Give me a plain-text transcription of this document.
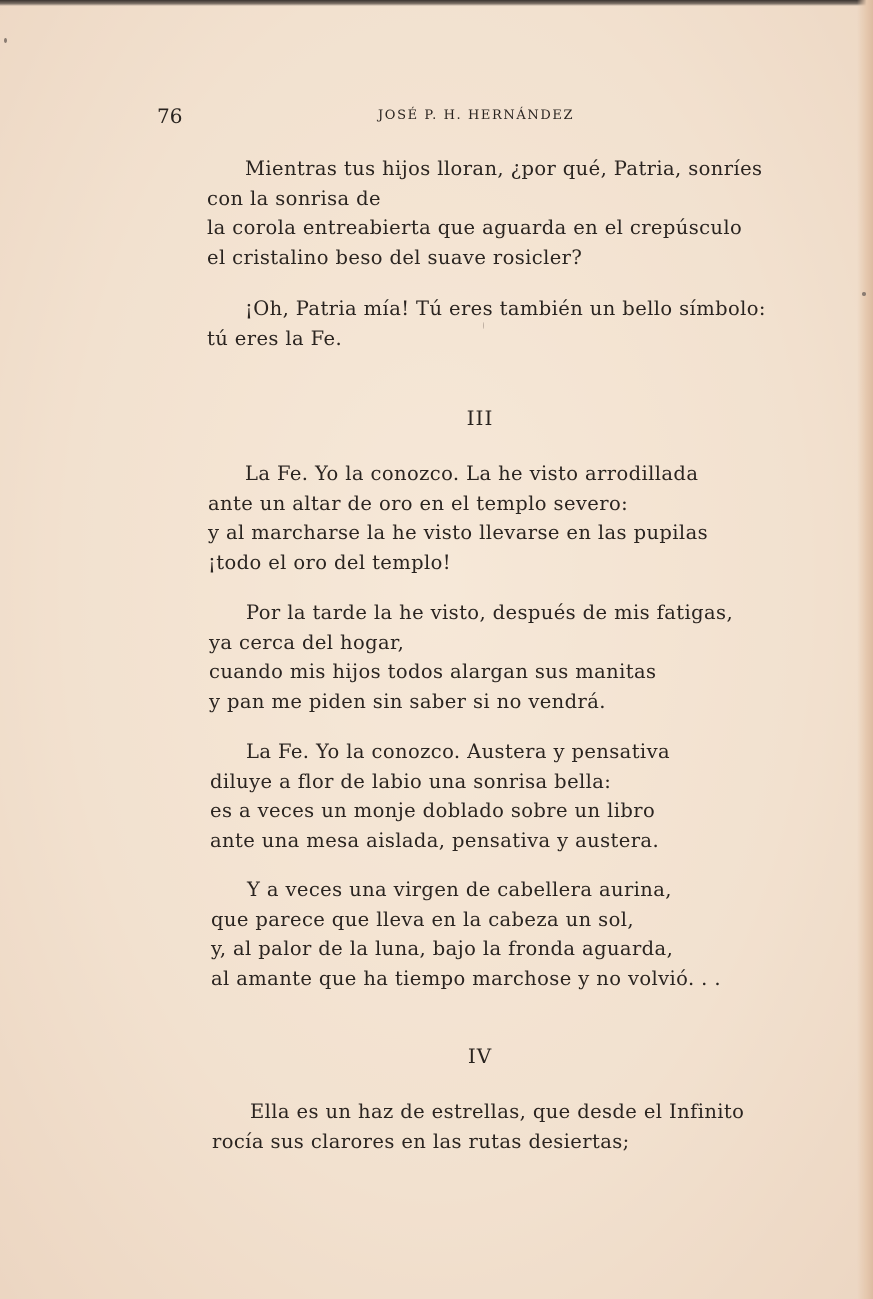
76	JOSÉ P. H. HERNÁNDEZ
Mientras tus hijos lloran, ¿por qué, Patria, sonríes
con la sonrisa de
la corola entreabierta que aguarda en el crepúsculo
el cristalino beso del suave rosicler?
¡Oh, Patria mía! Tú eres también un bello símbolo:
tú eres la Fe.
III
La Fe. Yo la conozco. La he visto arrodillada
ante un altar de oro en el templo severo:
y al marcharse la he visto llevarse en las pupilas
¡todo el oro del templo!
Por la tarde la he visto, después de mis fatigas,
ya cerca del hogar,
cuando mis hijos todos alargan sus manitas
y pan me piden sin saber si no vendrá.
La Fe. Yo la conozco. Austera y pensativa
diluye a flor de labio una sonrisa bella:
es a veces un monje doblado sobre un libro
ante una mesa aislada, pensativa y austera.
Y a veces una virgen de cabellera aurina,
que parece que lleva en la cabeza un sol,
y, al palor de la luna, bajo la fronda aguarda,
al amante que ha tiempo marchose y no volvió. . .
IV
Ella es un haz de estrellas, que desde el Infinito
rocía sus clarores en las rutas desiertas;
